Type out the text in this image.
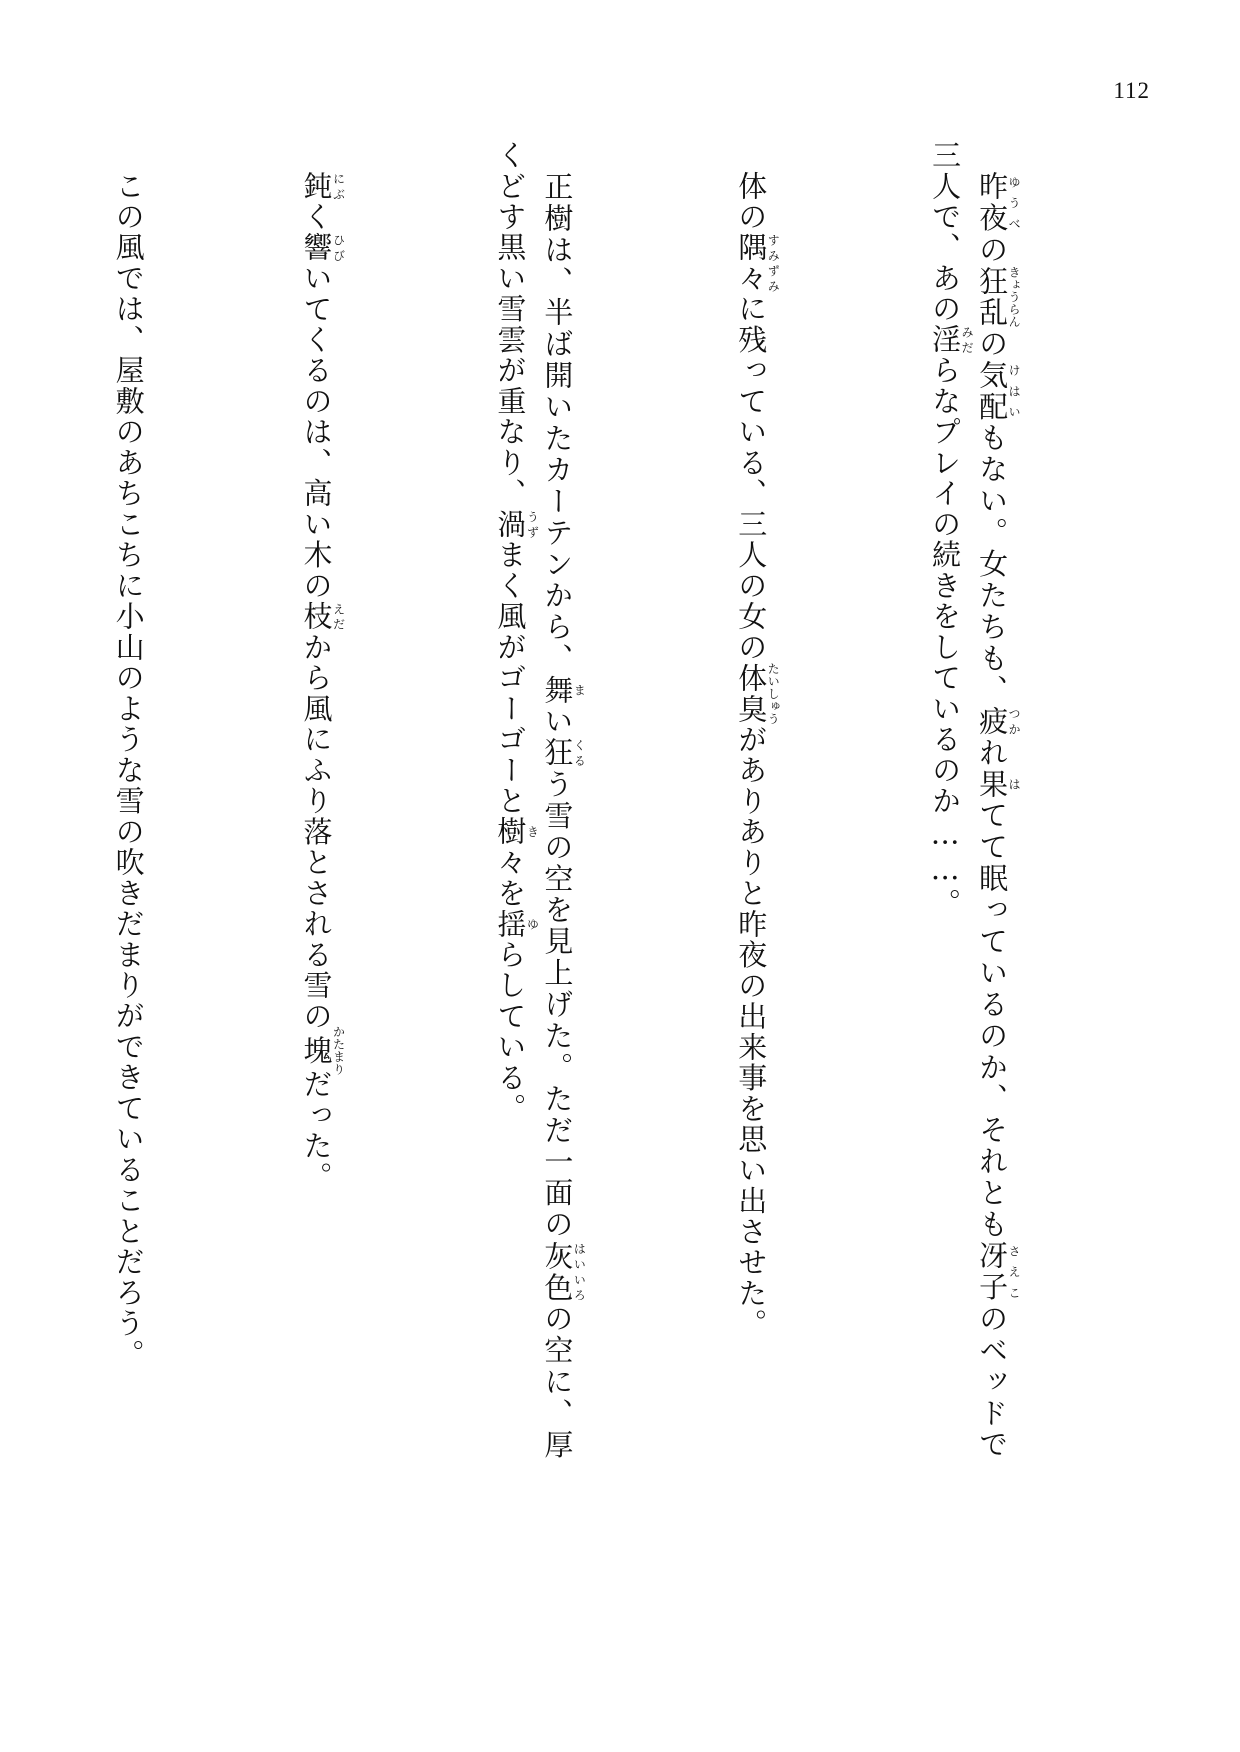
112

　昨夜ゆうべの狂乱きょうらんの気配けはいもない。女たちも、疲つかれ果はてて眠っているのか、それとも冴子さえこのベッドで三人で、あの淫みだらなプレイの続きをしているのか……。

　体の隅々すみずみに残っている、三人の女の体臭たいしゅうがありありと昨夜の出来事を思い出させた。

　正樹は、半ば開いたカーテンから、舞まい狂くるう雪の空を見上げた。ただ一面の灰色はいいろの空に、厚くどす黒い雪雲が重なり、渦うずまく風がゴーゴーと樹き々を揺ゆらしている。

　鈍にぶく響ひびいてくるのは、高い木の枝えだから風にふり落とされる雪の塊かたまりだった。

　この風では、屋敷のあちこちに小山のような雪の吹きだまりができていることだろう。
